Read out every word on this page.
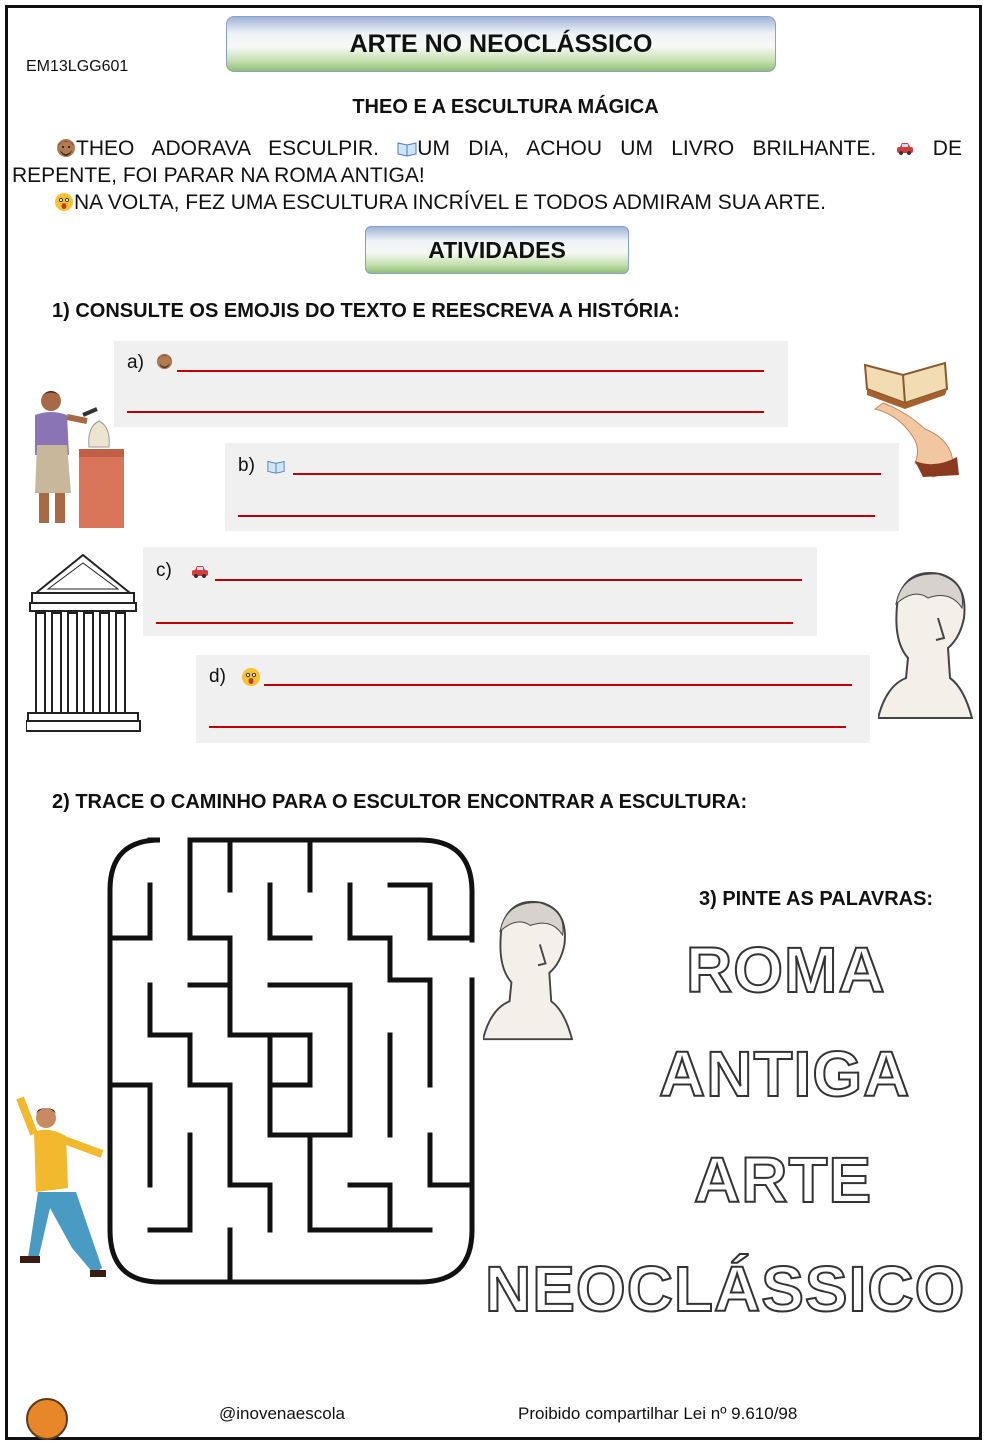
ARTE NO NEOCLÁSSICO
EM13LGG601
THEO E A ESCULTURA MÁGICA

THEO ADORAVA ESCULPIR. UM DIA, ACHOU UM LIVRO BRILHANTE.	DE

REPENTE, FOI PARAR NA ROMA ANTIGA!

NA VOLTA, FEZ UMA ESCULTURA INCRÍVEL E TODOS ADMIRAM SUA ARTE.

ATIVIDADES
1) CONSULTE OS EMOJIS DO TEXTO E REESCREVA A HISTÓRIA:
a)
b)
c)
d)
2) TRACE O CAMINHO PARA O ESCULTOR ENCONTRAR A ESCULTURA:
3) PINTE AS PALAVRAS:
ROMA
ANTIGA
ARTE
NEOCLÁSSICO
@inovenaescola	Proibido compartilhar Lei nº 9.610/98
